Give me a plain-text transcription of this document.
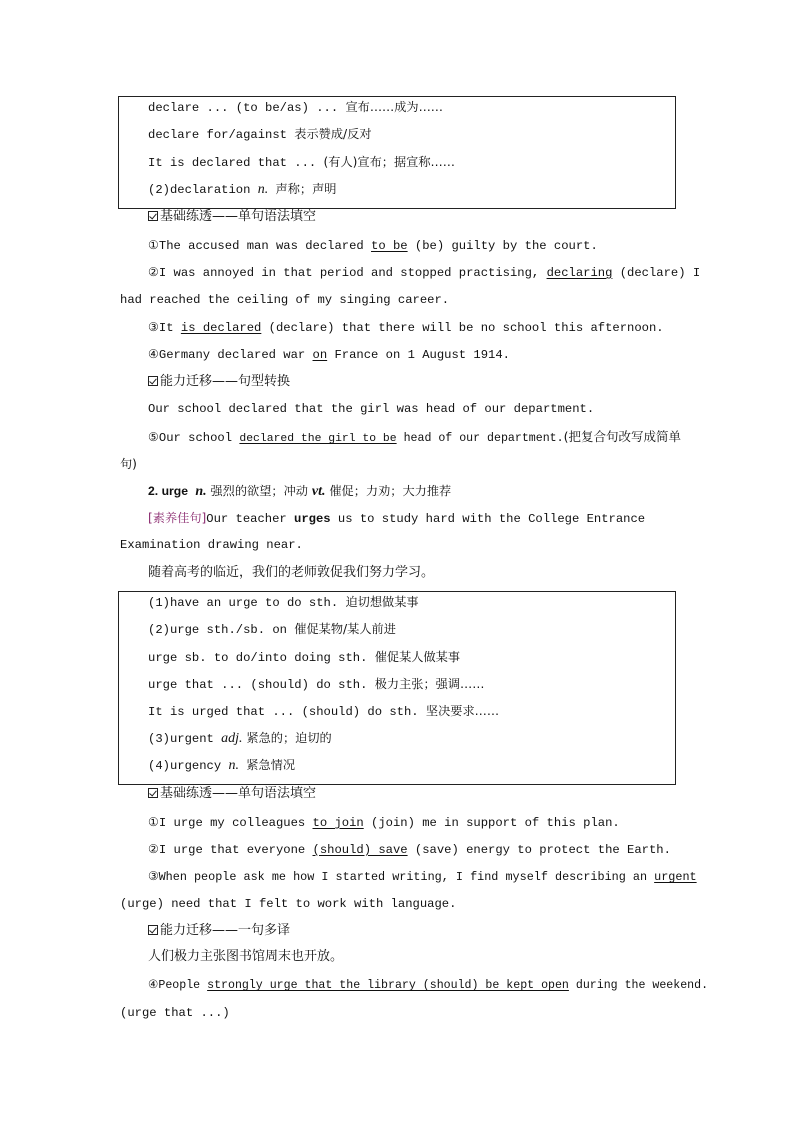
declare ... (to be/as) ... 宣布……成为……
declare for/against 表示赞成/反对
It is declared that ... (有人)宣布；据宣称……
(2)declaration n. 声称；声明
基础练透——单句语法填空
①The accused man was declared to be (be) guilty by the court.
②I was annoyed in that period and stopped practising, declaring (declare) I
had reached the ceiling of my singing career.
③It is declared (declare) that there will be no school this afternoon.
④Germany declared war on France on 1 August 1914.
能力迁移——句型转换
Our school declared that the girl was head of our department.
⑤Our school declared the girl to be head of our department.(把复合句改写成简单
句)
2. urge n. 强烈的欲望；冲动 vt. 催促；力劝；大力推荐
[素养佳句]Our teacher urges us to study hard with the College Entrance
Examination drawing near.
随着高考的临近，我们的老师敦促我们努力学习。
(1)have an urge to do sth. 迫切想做某事
(2)urge sth./sb. on 催促某物/某人前进
urge sb. to do/into doing sth. 催促某人做某事
urge that ... (should) do sth. 极力主张；强调……
It is urged that ... (should) do sth. 坚决要求……
(3)urgent adj. 紧急的；迫切的
(4)urgency n. 紧急情况
基础练透——单句语法填空
①I urge my colleagues to join (join) me in support of this plan.
②I urge that everyone (should) save (save) energy to protect the Earth.
③When people ask me how I started writing, I find myself describing an urgent
(urge) need that I felt to work with language.
能力迁移——一句多译
人们极力主张图书馆周末也开放。
④People strongly urge that the library (should) be kept open during the weekend.
(urge that ...)
